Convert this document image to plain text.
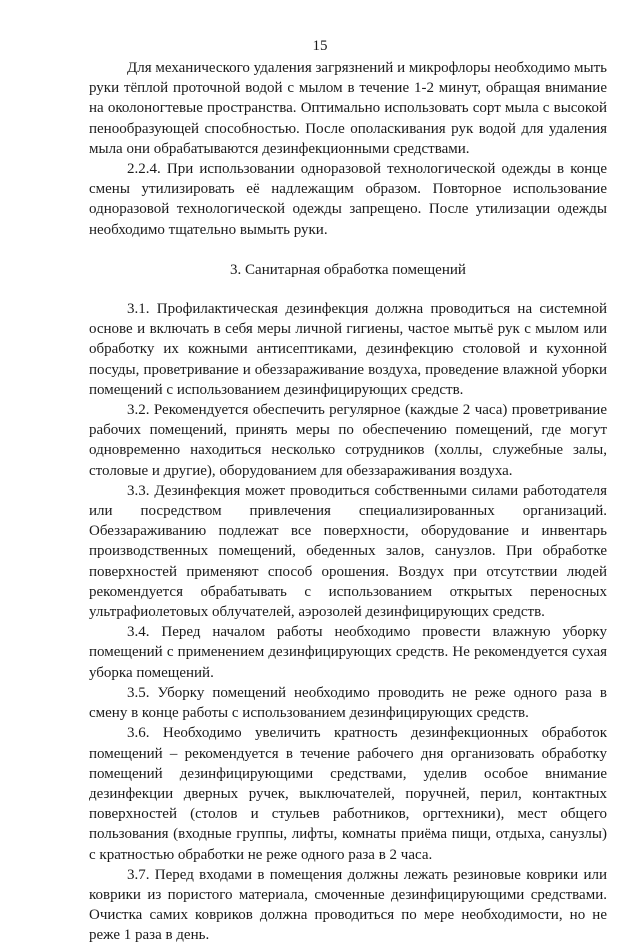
15

Для механического удаления загрязнений и микрофлоры необходимо мыть руки тёплой проточной водой с мылом в течение 1-2 минут, обращая внимание на околоногтевые пространства. Оптимально использовать сорт мыла с высокой пенообразующей способностью. После ополаскивания рук водой для удаления мыла они обрабатываются дезинфекционными средствами.

2.2.4. При использовании одноразовой технологической одежды в конце смены утилизировать её надлежащим образом. Повторное использование одноразовой технологической одежды запрещено. После утилизации одежды необходимо тщательно вымыть руки.

3. Санитарная обработка помещений

3.1. Профилактическая дезинфекция должна проводиться на системной основе и включать в себя меры личной гигиены, частое мытьё рук с мылом или обработку их кожными антисептиками, дезинфекцию столовой и кухонной посуды, проветривание и обеззараживание воздуха, проведение влажной уборки помещений с использованием дезинфицирующих средств.

3.2. Рекомендуется обеспечить регулярное (каждые 2 часа) проветривание рабочих помещений, принять меры по обеспечению помещений, где могут одновременно находиться несколько сотрудников (холлы, служебные залы, столовые и другие), оборудованием для обеззараживания воздуха.

3.3. Дезинфекция может проводиться собственными силами работодателя или посредством привлечения специализированных организаций. Обеззараживанию подлежат все поверхности, оборудование и инвентарь производственных помещений, обеденных залов, санузлов. При обработке поверхностей применяют способ орошения. Воздух при отсутствии людей рекомендуется обрабатывать с использованием открытых переносных ультрафиолетовых облучателей, аэрозолей дезинфицирующих средств.

3.4. Перед началом работы необходимо провести влажную уборку помещений с применением дезинфицирующих средств. Не рекомендуется сухая уборка помещений.

3.5. Уборку помещений необходимо проводить не реже одного раза в смену в конце работы с использованием дезинфицирующих средств.

3.6. Необходимо увеличить кратность дезинфекционных обработок помещений – рекомендуется в течение рабочего дня организовать обработку помещений дезинфицирующими средствами, уделив особое внимание дезинфекции дверных ручек, выключателей, поручней, перил, контактных поверхностей (столов и стульев работников, оргтехники), мест общего пользования (входные группы, лифты, комнаты приёма пищи, отдыха, санузлы) с кратностью обработки не реже одного раза в 2 часа.

3.7. Перед входами в помещения должны лежать резиновые коврики или коврики из пористого материала, смоченные дезинфицирующими средствами. Очистка самих ковриков должна проводиться по мере необходимости, но не реже 1 раза в день.
